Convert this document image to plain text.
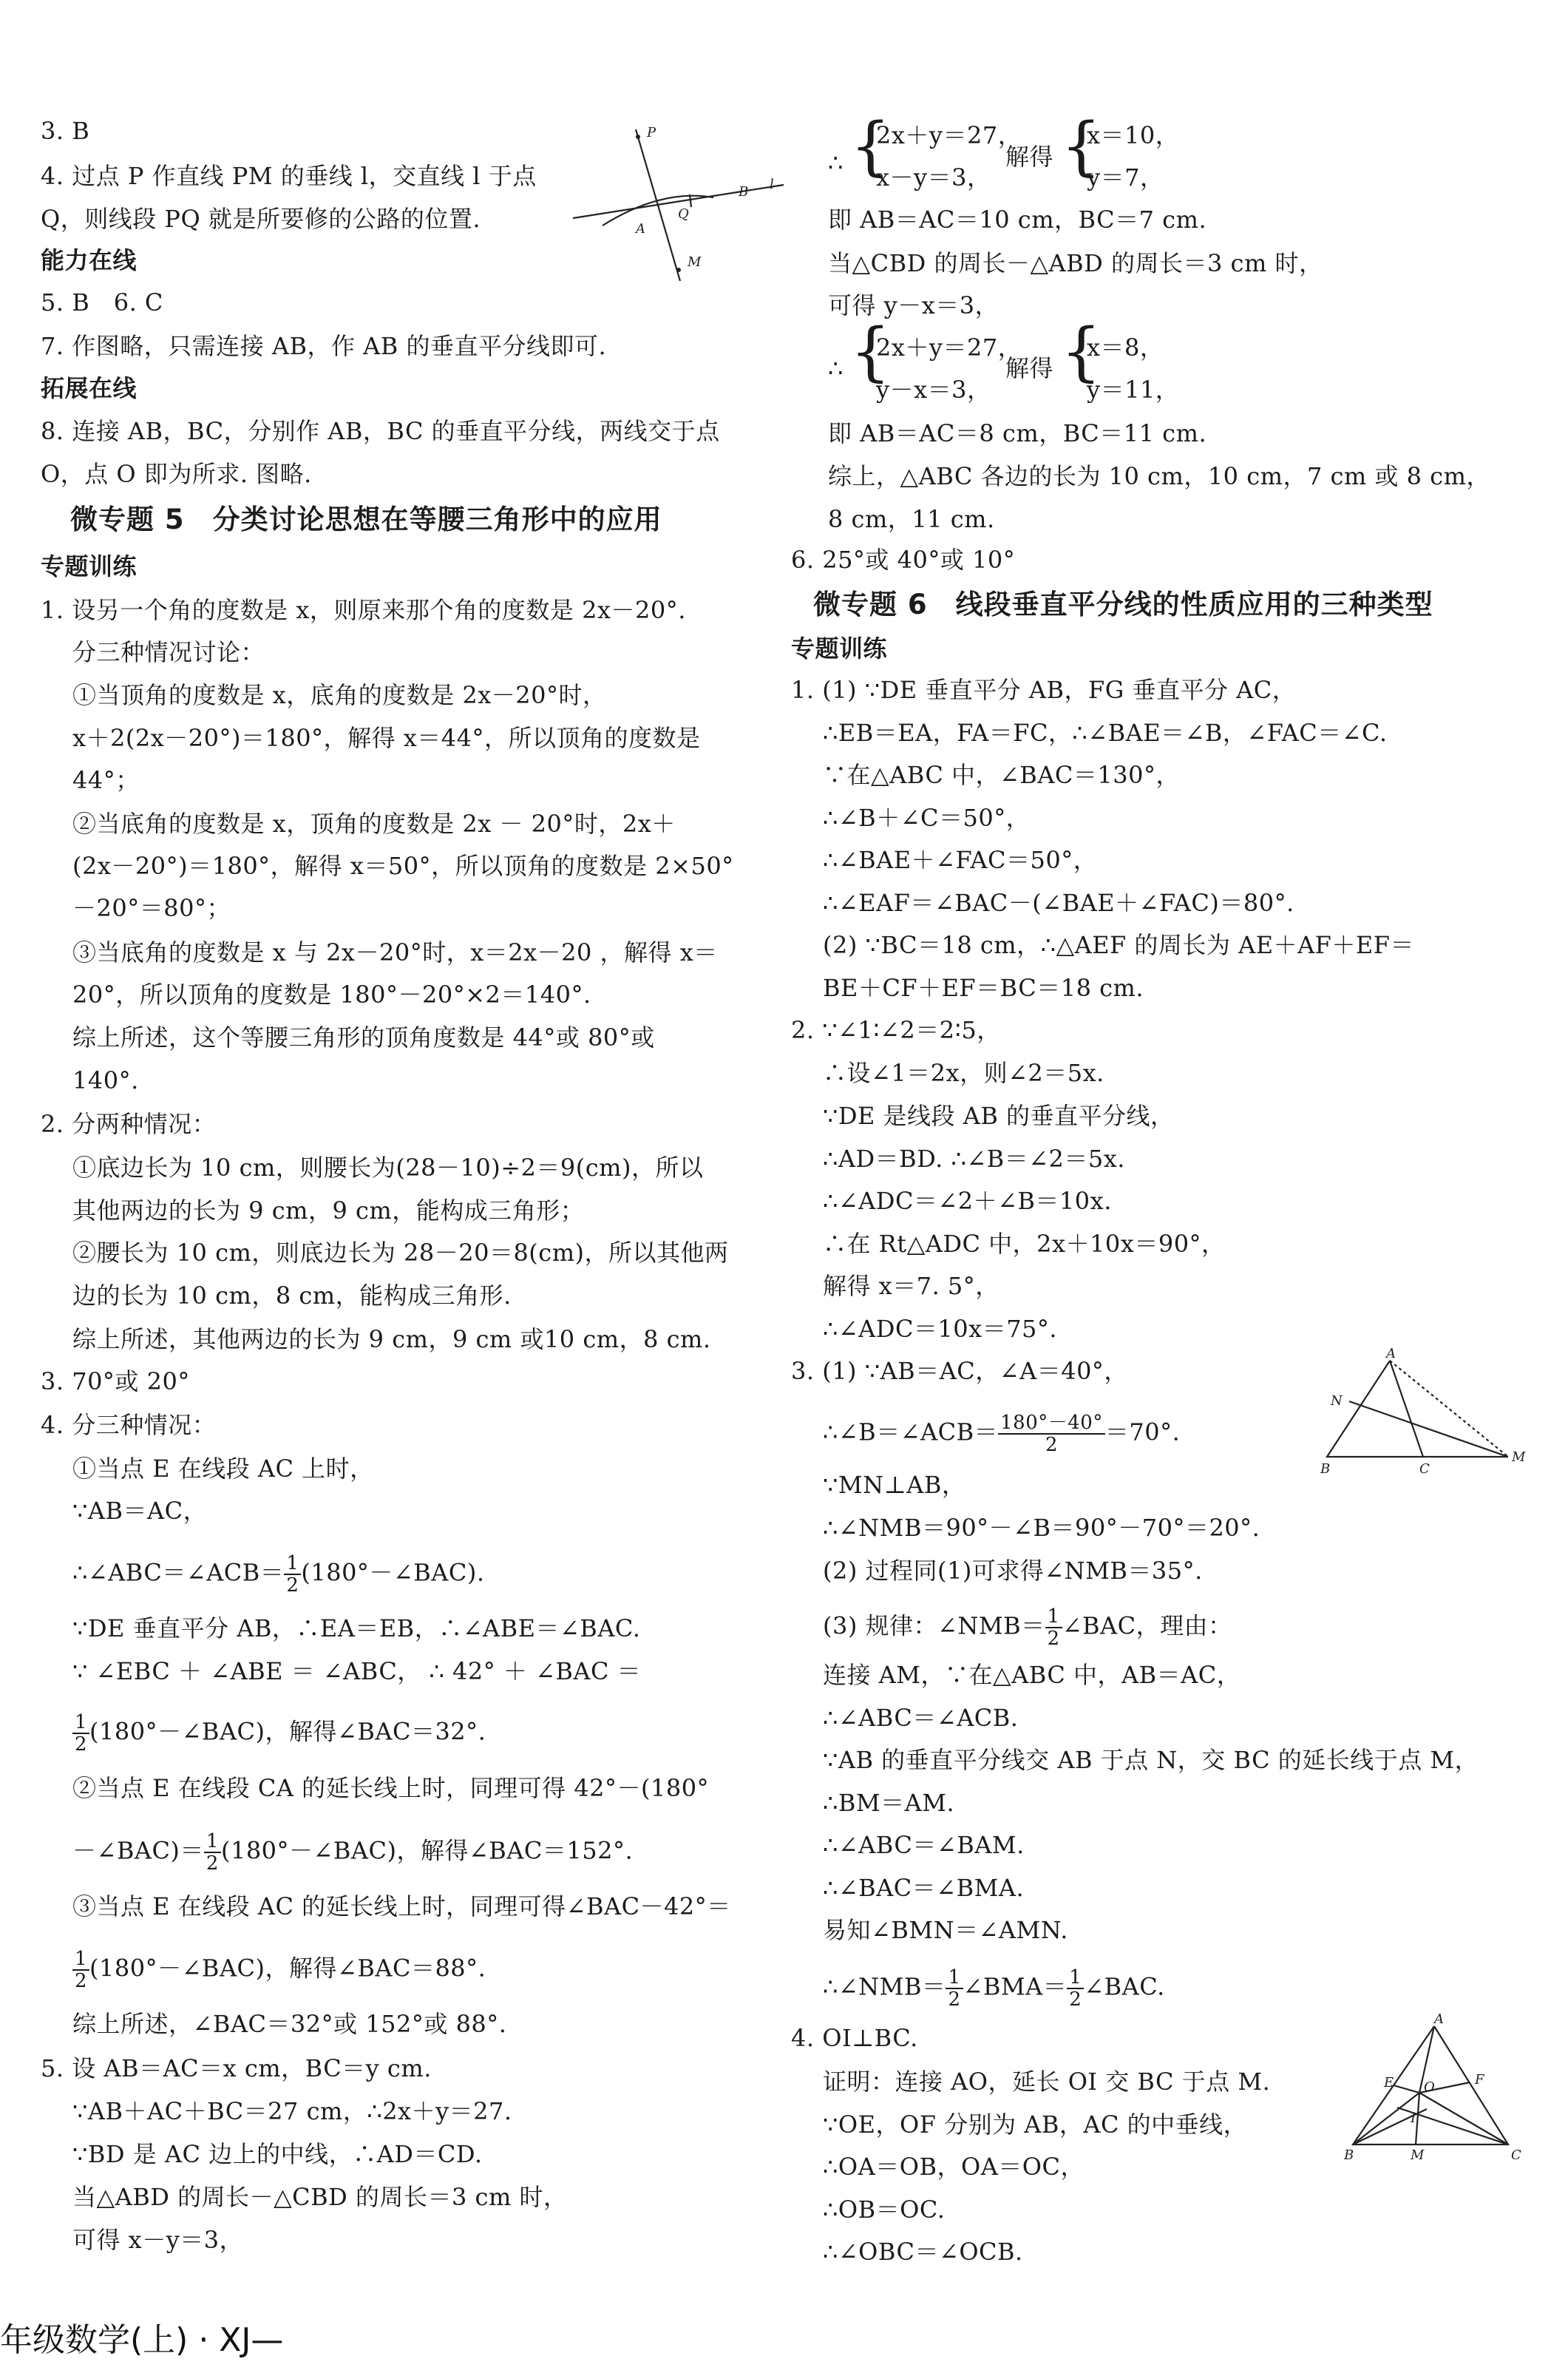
3. B
4. 过点 P 作直线 PM 的垂线 l，交直线 l 于点
Q，则线段 PQ 就是所要修的公路的位置.
能力在线
5. B　6. C
7. 作图略，只需连接 AB，作 AB 的垂直平分线即可.
拓展在线
8. 连接 AB，BC，分别作 AB，BC 的垂直平分线，两线交于点
O，点 O 即为所求. 图略.
微专题 5　分类讨论思想在等腰三角形中的应用
专题训练
1. 设另一个角的度数是 x，则原来那个角的度数是 2x－20°.
分三种情况讨论：
①当顶角的度数是 x，底角的度数是 2x－20°时，
x＋2(2x－20°)＝180°，解得 x＝44°，所以顶角的度数是
44°；
②当底角的度数是 x，顶角的度数是 2x － 20°时，2x＋
(2x－20°)＝180°，解得 x＝50°，所以顶角的度数是 2×50°
－20°＝80°；
③当底角的度数是 x 与 2x－20°时，x＝2x－20 ，解得 x＝
20°，所以顶角的度数是 180°－20°×2＝140°.
综上所述，这个等腰三角形的顶角度数是 44°或 80°或
140°.
2. 分两种情况：
①底边长为 10 cm，则腰长为(28－10)÷2＝9(cm)，所以
其他两边的长为 9 cm，9 cm，能构成三角形；
②腰长为 10 cm，则底边长为 28－20＝8(cm)，所以其他两
边的长为 10 cm，8 cm，能构成三角形.
综上所述，其他两边的长为 9 cm，9 cm 或10 cm，8 cm.
3. 70°或 20°
4. 分三种情况：
①当点 E 在线段 AC 上时，
∵AB＝AC，
∴∠ABC＝∠ACB＝ $\frac{1}{2}$ (180°－∠BAC).
∵DE 垂直平分 AB，∴EA＝EB，∴∠ABE＝∠BAC.
∵ ∠EBC ＋ ∠ABE ＝ ∠ABC， ∴ 42° ＋ ∠BAC ＝
$\frac{1}{2}$ (180°－∠BAC)，解得∠BAC＝32°.
②当点 E 在线段 CA 的延长线上时，同理可得 42°－(180°
－∠BAC)＝ $\frac{1}{2}$ (180°－∠BAC)，解得∠BAC＝152°.
③当点 E 在线段 AC 的延长线上时，同理可得∠BAC－42°＝
$\frac{1}{2}$ (180°－∠BAC)，解得∠BAC＝88°.
综上所述，∠BAC＝32°或 152°或 88°.
5. 设 AB＝AC＝x cm，BC＝y cm.
∵AB＋AC＋BC＝27 cm，∴2x＋y＝27.
∵BD 是 AC 边上的中线，∴AD＝CD.
当△ABD 的周长－△CBD 的周长＝3 cm 时，
可得 x－y＝3，
P
l
B
Q
A
M
∴ {
2x＋y＝27，
x－y＝3，
解得 {
x＝10，
y＝7，
即 AB＝AC＝10 cm，BC＝7 cm.
当△CBD 的周长－△ABD 的周长＝3 cm 时，
可得 y－x＝3，
∴ {
2x＋y＝27，
y－x＝3，
解得 {
x＝8，
y＝11，
即 AB＝AC＝8 cm，BC＝11 cm.
综上，△ABC 各边的长为 10 cm，10 cm，7 cm 或 8 cm，
8 cm，11 cm.
6. 25°或 40°或 10°
微专题 6　线段垂直平分线的性质应用的三种类型
专题训练
1. (1) ∵DE 垂直平分 AB，FG 垂直平分 AC，
∴EB＝EA，FA＝FC，∴∠BAE＝∠B，∠FAC＝∠C.
∵在△ABC 中，∠BAC＝130°，
∴∠B＋∠C＝50°，
∴∠BAE＋∠FAC＝50°，
∴∠EAF＝∠BAC－(∠BAE＋∠FAC)＝80°.
(2) ∵BC＝18 cm，∴△AEF 的周长为 AE＋AF＋EF＝
BE＋CF＋EF＝BC＝18 cm.
2. ∵∠1∶∠2＝2∶5，
∴设∠1＝2x，则∠2＝5x.
∵DE 是线段 AB 的垂直平分线，
∴AD＝BD. ∴∠B＝∠2＝5x.
∴∠ADC＝∠2＋∠B＝10x.
∴在 Rt△ADC 中，2x＋10x＝90°，
解得 x＝7. 5°，
∴∠ADC＝10x＝75°.
3. (1) ∵AB＝AC，∠A＝40°，
∴∠B＝∠ACB＝ $\frac{180^\circ-40^\circ}{2} =70^\circ$.
∵MN⊥AB，
∴∠NMB＝90°－∠B＝90°－70°＝20°.
(2) 过程同(1)可求得∠NMB＝35°.
(3) 规律：∠NMB＝ $\frac{1}{2}$ ∠BAC，理由：
连接 AM，∵在△ABC 中，AB＝AC，
∴∠ABC＝∠ACB.
∵AB 的垂直平分线交 AB 于点 N，交 BC 的延长线于点 M，
∴BM＝AM.
∴∠ABC＝∠BAM.
∴∠BAC＝∠BMA.
易知∠BMN＝∠AMN.
∴∠NMB＝ $\frac{1}{2}$ ∠BMA＝ $\frac{1}{2}$ ∠BAC.
4. OI⊥BC.
证明：连接 AO，延长 OI 交 BC 于点 M.
∵OE，OF 分别为 AB，AC 的中垂线，
∴OA＝OB，OA＝OC，
∴OB＝OC.
∴∠OBC＝∠OCB.
A
N
B	C
M
A
E O	F
I
B	M	C
年级数学(上) · XJ—
